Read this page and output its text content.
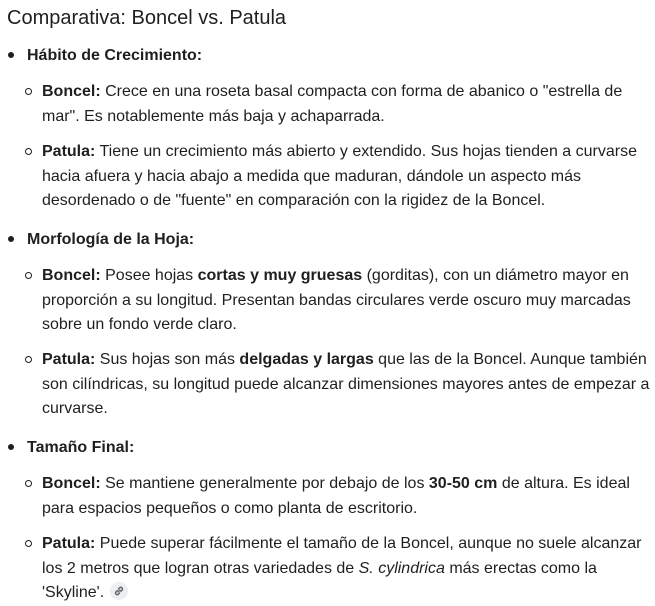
Comparativa: Boncel vs. Patula
Hábito de Crecimiento:

Boncel: Crece en una roseta basal compacta con forma de abanico o "estrella de
mar". Es notablemente más baja y achaparrada.

Patula: Tiene un crecimiento más abierto y extendido. Sus hojas tienden a curvarse
hacia afuera y hacia abajo a medida que maduran, dándole un aspecto más
desordenado o de "fuente" en comparación con la rigidez de la Boncel.

Morfología de la Hoja:

Boncel: Posee hojas cortas y muy gruesas (gorditas), con un diámetro mayor en
proporción a su longitud. Presentan bandas circulares verde oscuro muy marcadas
sobre un fondo verde claro.

Patula: Sus hojas son más delgadas y largas que las de la Boncel. Aunque también
son cilíndricas, su longitud puede alcanzar dimensiones mayores antes de empezar a
curvarse.

Tamaño Final:

Boncel: Se mantiene generalmente por debajo de los 30-50 cm de altura. Es ideal
para espacios pequeños o como planta de escritorio.

Patula: Puede superar fácilmente el tamaño de la Boncel, aunque no suele alcanzar
los 2 metros que logran otras variedades de S. cylindrica más erectas como la
'Skyline'.
